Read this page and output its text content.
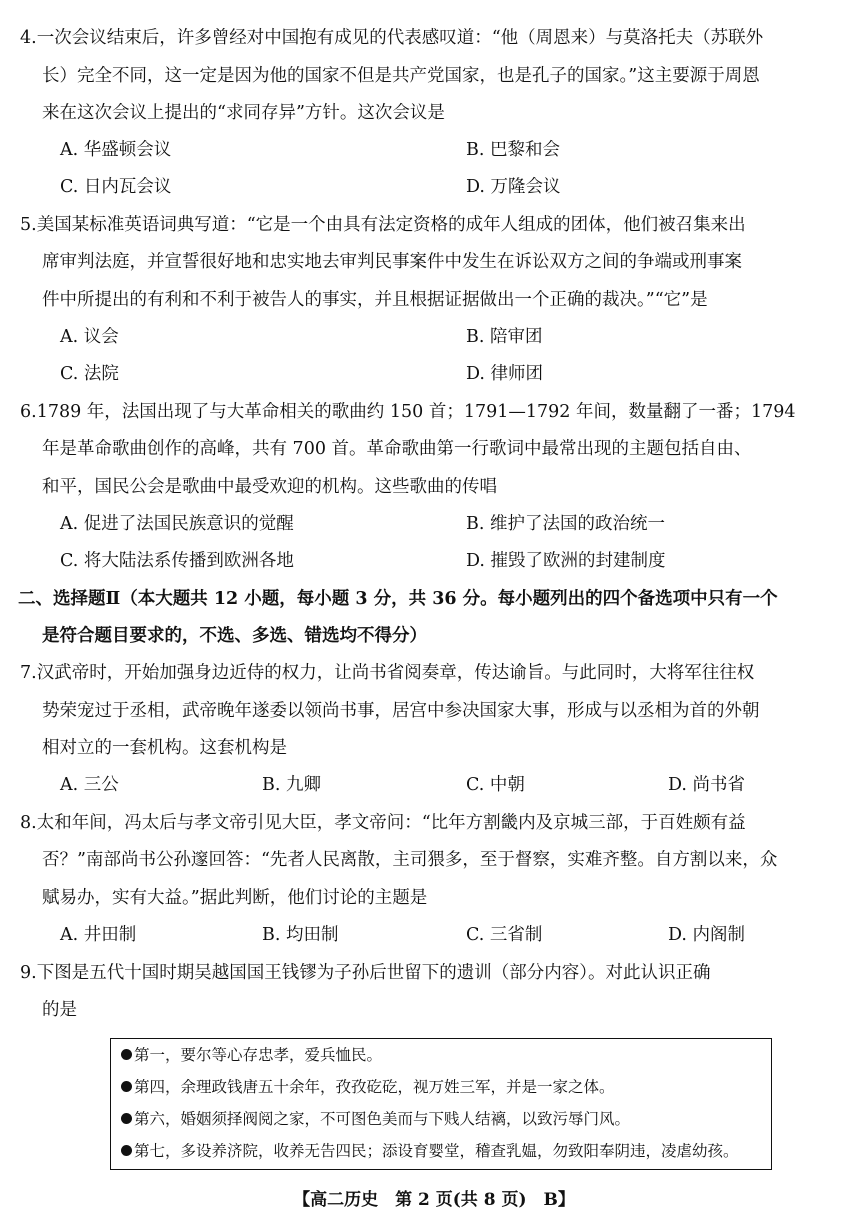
4.一次会议结束后，许多曾经对中国抱有成见的代表感叹道：“他（周恩来）与莫洛托夫（苏联外
长）完全不同，这一定是因为他的国家不但是共产党国家，也是孔子的国家。”这主要源于周恩
来在这次会议上提出的“求同存异”方针。这次会议是
A. 华盛顿会议	B. 巴黎和会
C. 日内瓦会议	D. 万隆会议
5.美国某标准英语词典写道：“它是一个由具有法定资格的成年人组成的团体，他们被召集来出
席审判法庭，并宣誓很好地和忠实地去审判民事案件中发生在诉讼双方之间的争端或刑事案
件中所提出的有利和不利于被告人的事实，并且根据证据做出一个正确的裁决。”“它”是
A. 议会	B. 陪审团
C. 法院	D. 律师团
6.1789 年，法国出现了与大革命相关的歌曲约 150 首；1791—1792 年间，数量翻了一番；1794
年是革命歌曲创作的高峰，共有 700 首。革命歌曲第一行歌词中最常出现的主题包括自由、
和平，国民公会是歌曲中最受欢迎的机构。这些歌曲的传唱
A. 促进了法国民族意识的觉醒	B. 维护了法国的政治统一
C. 将大陆法系传播到欧洲各地	D. 摧毁了欧洲的封建制度
二、选择题Ⅱ（本大题共 12 小题，每小题 3 分，共 36 分。每小题列出的四个备选项中只有一个
是符合题目要求的，不选、多选、错选均不得分）
7.汉武帝时，开始加强身边近侍的权力，让尚书省阅奏章，传达谕旨。与此同时，大将军往往权
势荣宠过于丞相，武帝晚年遂委以领尚书事，居宫中参决国家大事，形成与以丞相为首的外朝
相对立的一套机构。这套机构是
A. 三公	B. 九卿	C. 中朝	D. 尚书省
8.太和年间，冯太后与孝文帝引见大臣，孝文帝问：“比年方割畿内及京城三部，于百姓颇有益
否？”南部尚书公孙邃回答：“先者人民离散，主司猥多，至于督察，实难齐整。自方割以来，众
赋易办，实有大益。”据此判断，他们讨论的主题是
A. 井田制	B. 均田制	C. 三省制	D. 内阁制
9.下图是五代十国时期吴越国国王钱镠为子孙后世留下的遗训（部分内容）。对此认识正确
的是
第一，要尔等心存忠孝，爱兵恤民。
第四，余理政钱唐五十余年，孜孜矻矻，视万姓三军，并是一家之体。
第六，婚姻须择阀阅之家，不可图色美而与下贱人结褵，以致污辱门风。
第七，多设养济院，收养无告四民；添设育婴堂，稽查乳媪，勿致阳奉阴违，凌虐幼孩。
【高二历史　第 2 页(共 8 页)　B】
